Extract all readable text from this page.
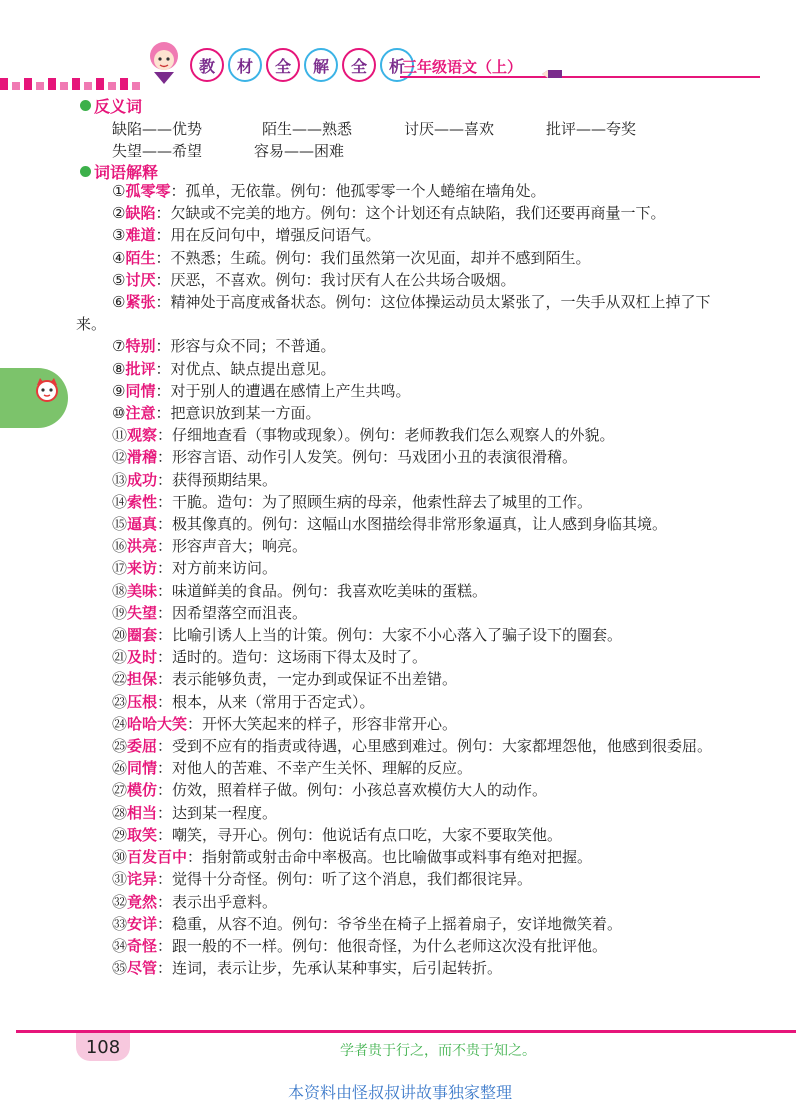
教	材	全	解	全	析
三年级语文（上）
反义词
缺陷——优势	陌生——熟悉	讨厌——喜欢	批评——夸奖
失望——希望	容易——困难
词语解释
①孤零零：孤单，无依靠。例句：他孤零零一个人蜷缩在墙角处。
②缺陷：欠缺或不完美的地方。例句：这个计划还有点缺陷，我们还要再商量一下。
③难道：用在反问句中，增强反问语气。
④陌生：不熟悉；生疏。例句：我们虽然第一次见面，却并不感到陌生。
⑤讨厌：厌恶，不喜欢。例句：我讨厌有人在公共场合吸烟。
⑥紧张：精神处于高度戒备状态。例句：这位体操运动员太紧张了，一失手从双杠上掉了下来。
⑦特别：形容与众不同；不普通。
⑧批评：对优点、缺点提出意见。
⑨同情：对于别人的遭遇在感情上产生共鸣。
⑩注意：把意识放到某一方面。
⑪观察：仔细地查看（事物或现象）。例句：老师教我们怎么观察人的外貌。
⑫滑稽：形容言语、动作引人发笑。例句：马戏团小丑的表演很滑稽。
⑬成功：获得预期结果。
⑭索性：干脆。造句：为了照顾生病的母亲，他索性辞去了城里的工作。
⑮逼真：极其像真的。例句：这幅山水图描绘得非常形象逼真，让人感到身临其境。
⑯洪亮：形容声音大；响亮。
⑰来访：对方前来访问。
⑱美味：味道鲜美的食品。例句：我喜欢吃美味的蛋糕。
⑲失望：因希望落空而沮丧。
⑳圈套：比喻引诱人上当的计策。例句：大家不小心落入了骗子设下的圈套。
㉑及时：适时的。造句：这场雨下得太及时了。
㉒担保：表示能够负责，一定办到或保证不出差错。
㉓压根：根本，从来（常用于否定式）。
㉔哈哈大笑：开怀大笑起来的样子，形容非常开心。
㉕委屈：受到不应有的指责或待遇，心里感到难过。例句：大家都埋怨他，他感到很委屈。
㉖同情：对他人的苦难、不幸产生关怀、理解的反应。
㉗模仿：仿效，照着样子做。例句：小孩总喜欢模仿大人的动作。
㉘相当：达到某一程度。
㉙取笑：嘲笑，寻开心。例句：他说话有点口吃，大家不要取笑他。
㉚百发百中：指射箭或射击命中率极高。也比喻做事或料事有绝对把握。
㉛诧异：觉得十分奇怪。例句：听了这个消息，我们都很诧异。
㉜竟然：表示出乎意料。
㉝安详：稳重，从容不迫。例句：爷爷坐在椅子上摇着扇子，安详地微笑着。
㉞奇怪：跟一般的不一样。例句：他很奇怪，为什么老师这次没有批评他。
㉟尽管：连词，表示让步，先承认某种事实，后引起转折。
108	学者贵于行之，而不贵于知之。
本资料由怪叔叔讲故事独家整理
